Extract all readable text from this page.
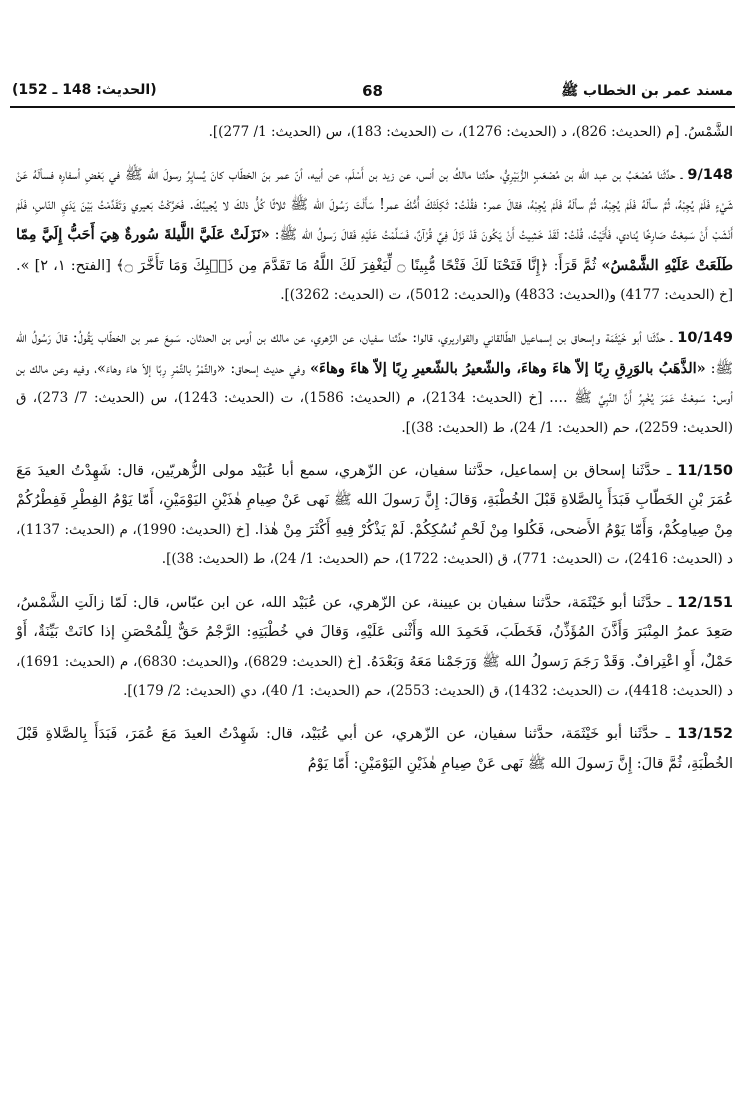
مسند عمر بن الخطاب ﷺ
68
(الحديث: 148 ـ 152)

الشَّمْسُ. [م (الحديث: 826)، د (الحديث: 1276)، ت (الحديث: 183)، س (الحديث: 1/ 277)].

9/148 ـ حدَّثَنا مُصْعَبُ بن عبد الله بن مُصْعَبٍ الزُّبَيْرِيُّ، حدَّثنا مالكُ بن أنس، عن زيد بن أَسْلَم، عن أبيه، أنّ عمر بنَ الخطّاب كانَ يُسايِرُ رسولَ الله ﷺ في بَعْضِ أسفارِه فسألَهُ عَنْ شَيْءٍ فَلَمْ يُجِبْهُ، ثُمَّ سألَهُ فَلَمْ يُجِبْهُ، ثُمَّ سألَهُ فَلَمْ يُجِبْهُ، فقالَ عمر: فقُلْتُ: ثَكِلَتْكَ أُمُّكَ عمر! سَأَلْتَ رَسُولَ الله ﷺ ثلاثًا كُلُّ ذلكَ لا يُجيبُكَ. فَحَرَّكْتُ بَعيري وَتَقَدَّمْتُ بَيْنَ يَدَيِ النّاسِ، فَلَمْ أَنْشَبْ أَنْ سَمِعْتُ صَارِخًا يُنادي، فَأَتَيْتُ، قُلْتُ: لَقَدْ خَشِيتُ أَنْ يَكُونَ قَدْ نَزَلَ فِيَّ قُرْآنٌ، فَسَلَّمْتُ عَلَيْهِ فَقالَ رَسولُ الله ﷺ: «نَزَلَتْ عَلَيَّ اللَّيلةَ سُورةٌ هِيَ أَحَبُّ إِلَيَّ مِمّا طَلَعَتْ عَلَيْهِ الشَّمْسُ» ثُمَّ قَرَأَ: ﴿إِنَّا فَتَحْنَا لَكَ فَتْحًا مُّبِينًا ۝ لِّيَغْفِرَ لَكَ اللَّهُ مَا تَقَدَّمَ مِن ذَنۢبِكَ وَمَا تَأَخَّرَ ۝﴾ [الفتح: ١، ٢] ». [خ (الحديث: 4177) و(الحديث: 4833) و(الحديث: 5012)، ت (الحديث: 3262)].

10/149 ـ حدَّثَنا أبو خَيْثَمَة وإسحاق بن إسماعيل الطّالقاني والقواريري، قالوا: حدَّثنا سفيان، عن الزّهري، عن مالك بن أوس بن الحدثان. سَمِعَ عمر بن الخطّاب يَقُولُ: قالَ رَسُولُ الله ﷺ: «الذَّهَبُ بالوَرِقِ رِبًا إلاّ هاءَ وهاءَ، والشّعيرُ بالشّعيرِ رِبًا إلاّ هاءَ وهاءَ» وفي حديث إسحاق: «والتَّمْرُ بالتَّمْرِ رِبًا إلاّ هاءَ وهاءَ»، وفيه وعن مالك بن أوس: سَمِعْتُ عَمَرَ يُخْبِرُ أَنَّ النَّبِيَّ ﷺ .... [خ (الحديث: 2134)، م (الحديث: 1586)، ت (الحديث: 1243)، س (الحديث: 7/ 273)، ق (الحديث: 2259)، حم (الحديث: 1/ 24)، ط (الحديث: 38)].

11/150 ـ حدَّثَنا إسحاق بن إسماعيل، حدَّثنا سفيان، عن الزّهري، سمع أبا عُبَيْد مولى الزُّهريّين، قال: شَهِدْتُ العيدَ مَعَ عُمَرَ بْنِ الخَطّابِ فَبَدَأَ بِالصَّلاةِ قَبْلَ الخُطْبَةِ، وَقالَ: إِنَّ رَسولَ الله ﷺ نَهى عَنْ صِيامِ هٰذَيْنِ اليَوْمَيْنِ، أَمّا يَوْمُ الفِطْرِ فَفِطْرُكُمْ مِنْ صِيامِكُمْ، وَأَمّا يَوْمُ الأَضحى، فَكُلوا مِنْ لَحْمِ نُسُكِكُمْ. لَمْ يَذْكُرْ فِيهِ أَكْثَرَ مِنْ هٰذا. [خ (الحديث: 1990)، م (الحديث: 1137)، د (الحديث: 2416)، ت (الحديث: 771)، ق (الحديث: 1722)، حم (الحديث: 1/ 24)، ط (الحديث: 38)].

12/151 ـ حدَّثَنا أبو خَيْثَمَة، حدَّثنا سفيان بن عيينة، عن الزّهري، عن عُبَيْد الله، عن ابن عبّاس، قال: لَمّا زالَتِ الشَّمْسُ، صَعِدَ عمرُ المِنْبَرَ وَأَذَّنَ المُؤَذِّنُ، فَخَطَبَ، فَحَمِدَ الله وَأَثْنى عَلَيْهِ، وَقالَ في خُطْبَتِهِ: الرَّجْمُ حَقٌّ لِلْمُحْصَنِ إذا كانَتْ بَيِّنَةٌ، أَوْ حَمْلٌ، أَوِ اعْتِرافٌ. وَقَدْ رَجَمَ رَسولُ الله ﷺ وَرَجَمْنا مَعَهُ وَبَعْدَهُ. [خ (الحديث: 6829)، و(الحديث: 6830)، م (الحديث: 1691)، د (الحديث: 4418)، ت (الحديث: 1432)، ق (الحديث: 2553)، حم (الحديث: 1/ 40)، دي (الحديث: 2/ 179)].

13/152 ـ حدَّثَنا أبو خَيْثَمَة، حدَّثنا سفيان، عن الزّهري، عن أبي عُبَيْد، قال: شَهِدْتُ العيدَ مَعَ عُمَرَ، فَبَدَأَ بِالصَّلاةِ قَبْلَ الخُطْبَةِ، ثُمَّ قالَ: إِنَّ رَسولَ الله ﷺ نَهى عَنْ صِيامِ هٰذَيْنِ اليَوْمَيْنِ: أَمّا يَوْمُ
